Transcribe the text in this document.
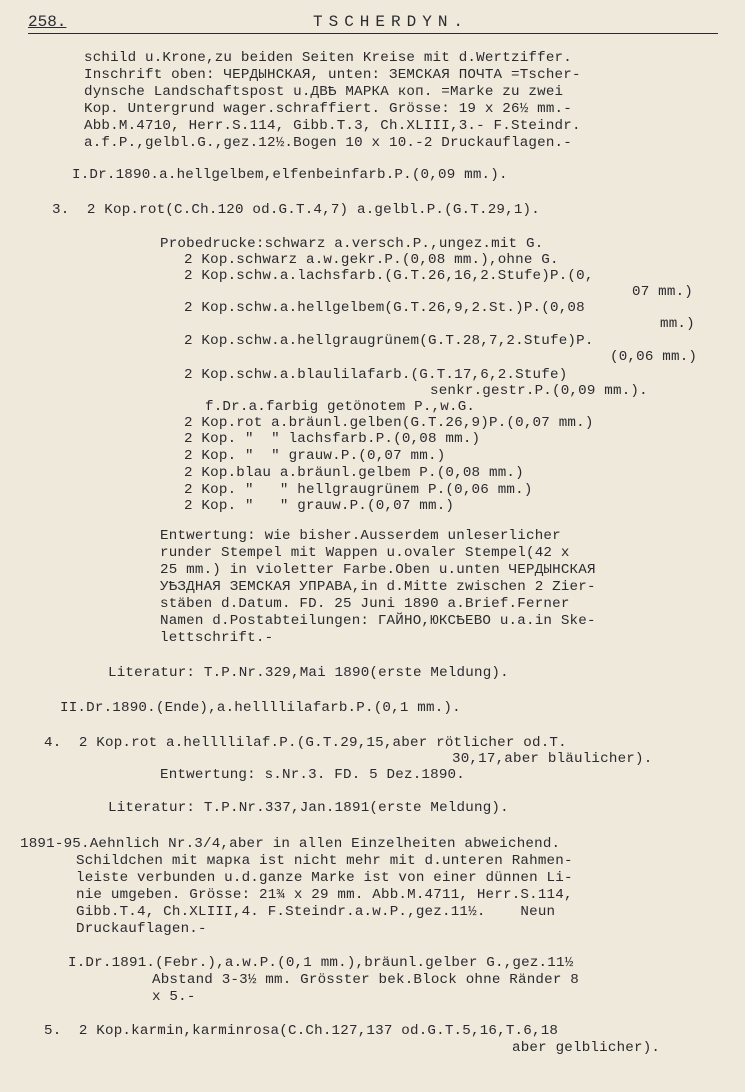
258.	TSCHERDYN.
schild u.Krone,zu beiden Seiten Kreise mit d.Wertziffer.
Inschrift oben: ЧЕРДЫНСКАЯ, unten: ЗЕМСКАЯ ПОЧТА =Tscher-
dynsche Landschaftspost u.ДВѢ МАРКА коп. =Marke zu zwei
Kop. Untergrund wager.schraffiert. Grösse: 19 x 26½ mm.-
Abb.M.4710, Herr.S.114, Gibb.T.3, Ch.XLIII,3.- F.Steindr.
a.f.P.,gelbl.G.,gez.12½.Bogen 10 x 10.-2 Druckauflagen.-
I.Dr.1890.a.hellgelbem,elfenbeinfarb.P.(0,09 mm.).
3.  2 Kop.rot(C.Ch.120 od.G.T.4,7) a.gelbl.P.(G.T.29,1).
Probedrucke:schwarz a.versch.P.,ungez.mit G.
2 Kop.schwarz a.w.gekr.P.(0,08 mm.),ohne G.
2 Kop.schw.a.lachsfarb.(G.T.26,16,2.Stufe)P.(0,
07 mm.)
2 Kop.schw.a.hellgelbem(G.T.26,9,2.St.)P.(0,08
mm.)
2 Kop.schw.a.hellgraugrünem(G.T.28,7,2.Stufe)P.
(0,06 mm.)
2 Kop.schw.a.blaulilafarb.(G.T.17,6,2.Stufe)
senkr.gestr.P.(0,09 mm.).
f.Dr.a.farbig getönotem P.,w.G.
2 Kop.rot a.bräunl.gelben(G.T.26,9)P.(0,07 mm.)
2 Kop. "  " lachsfarb.P.(0,08 mm.)
2 Kop. "  " grauw.P.(0,07 mm.)
2 Kop.blau a.bräunl.gelbem P.(0,08 mm.)
2 Kop. "   " hellgraugrünem P.(0,06 mm.)
2 Kop. "   " grauw.P.(0,07 mm.)
Entwertung: wie bisher.Ausserdem unleserlicher
runder Stempel mit Wappen u.ovaler Stempel(42 x
25 mm.) in violetter Farbe.Oben u.unten ЧЕРДЫНСКАЯ
УѢЗДНАЯ ЗЕМСКАЯ УПРАВА,in d.Mitte zwischen 2 Zier-
stäben d.Datum. FD. 25 Juni 1890 a.Brief.Ferner
Namen d.Postabteilungen: ГАЙНО,ЮКСѢЕВО u.a.in Ske-
lettschrift.-
Literatur: T.P.Nr.329,Mai 1890(erste Meldung).
II.Dr.1890.(Ende),a.hellllilafarb.P.(0,1 mm.).
4.  2 Kop.rot a.hellllilaf.P.(G.T.29,15,aber rötlicher od.T.
30,17,aber bläulicher).
Entwertung: s.Nr.3. FD. 5 Dez.1890.
Literatur: T.P.Nr.337,Jan.1891(erste Meldung).
1891-95.Aehnlich Nr.3/4,aber in allen Einzelheiten abweichend.
Schildchen mit марка ist nicht mehr mit d.unteren Rahmen-
leiste verbunden u.d.ganze Marke ist von einer dünnen Li-
nie umgeben. Grösse: 21¾ x 29 mm. Abb.M.4711, Herr.S.114,
Gibb.T.4, Ch.XLIII,4. F.Steindr.a.w.P.,gez.11½.    Neun
Druckauflagen.-
I.Dr.1891.(Febr.),a.w.P.(0,1 mm.),bräunl.gelber G.,gez.11½
Abstand 3-3½ mm. Grösster bek.Block ohne Ränder 8
x 5.-
5.  2 Kop.karmin,karminrosa(C.Ch.127,137 od.G.T.5,16,T.6,18
aber gelblicher).
